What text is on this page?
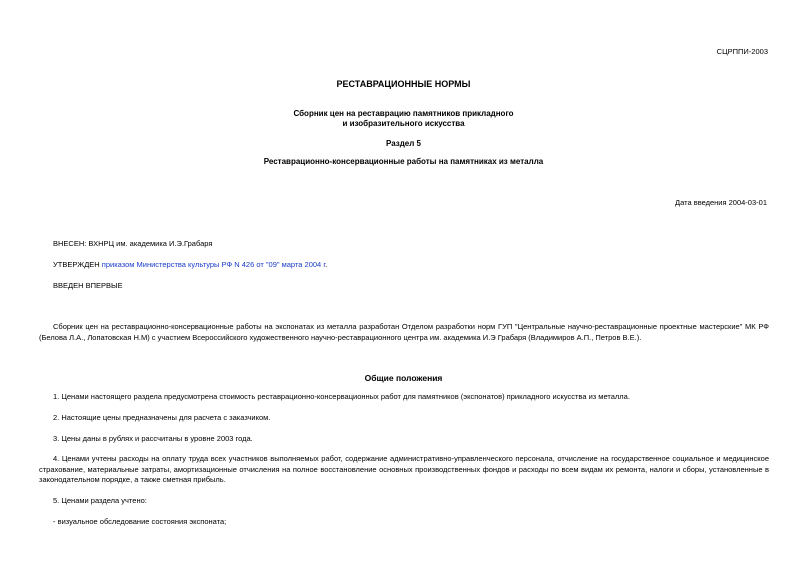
СЦРППИ-2003
РЕСТАВРАЦИОННЫЕ НОРМЫ
Сборник цен на реставрацию памятников прикладного
и изобразительного искусства
Раздел 5
Реставрационно-консервационные работы на памятниках из металла
Дата введения 2004-03-01
ВНЕСЕН: ВХНРЦ им. академика И.Э.Грабаря
УТВЕРЖДЕН приказом Министерства культуры РФ N 426 от "09" марта 2004 г.
ВВЕДЕН ВПЕРВЫЕ
Сборник цен на реставрационно-консервационные работы на экспонатах из металла разработан Отделом разработки норм ГУП "Центральные научно-реставрационные проектные мастерские" МК РФ (Белова Л.А., Лопатовская Н.М) с участием Всероссийского художественного научно-реставрационного центра им. академика И.Э Грабаря (Владимиров А.П., Петров В.Е.).
Общие положения
1. Ценами настоящего раздела предусмотрена стоимость реставрационно-консервационных работ для памятников (экспонатов) прикладного искусства из металла.
2. Настоящие цены предназначены для расчета с заказчиком.
3. Цены даны в рублях и рассчитаны в уровне 2003 года.
4. Ценами учтены расходы на оплату труда всех участников выполняемых работ, содержание административно-управленческого персонала, отчисление на государственное социальное и медицинское страхование, материальные затраты, амортизационные отчисления на полное восстановление основных производственных фондов и расходы по всем видам их ремонта, налоги и сборы, установленные в законодательном порядке, а также сметная прибыль.
5. Ценами раздела учтено:
- визуальное обследование состояния экспоната;
